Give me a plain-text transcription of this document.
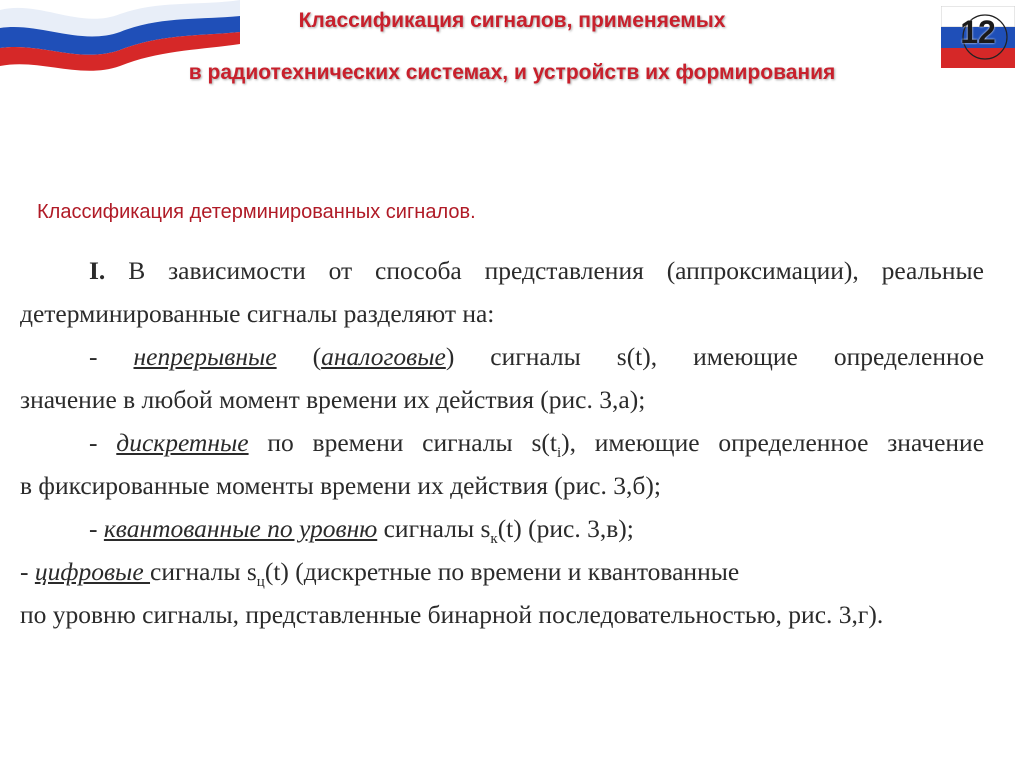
Классификация сигналов, применяемых
в радиотехнических системах, и устройств их формирования
12
Классификация детерминированных сигналов.
I. В зависимости от способа представления (аппроксимации), реальные
детерминированные сигналы разделяют на:
- непрерывные (аналоговые) сигналы s(t), имеющие определенное
значение в любой момент времени их действия (рис. 3,а);
- дискретные по времени сигналы $s(t_i)$, имеющие определенное значение
в фиксированные моменты времени их действия (рис. 3,б);
- квантованные по уровню сигналы $s_к(t)$ (рис. 3,в);
- цифровые сигналы $s_ц(t)$ (дискретные по времени и квантованные
по уровню сигналы, представленные бинарной последовательностью, рис. 3,г).
